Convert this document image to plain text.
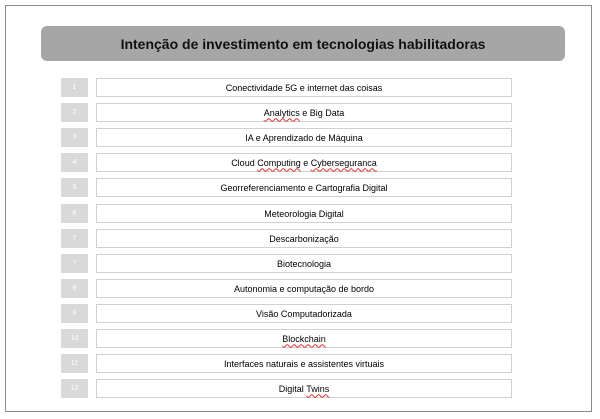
Intenção de investimento em tecnologias habilitadoras
1	Conectividade 5G e internet das coisas
2	Analytics e Big Data
3	IA e Aprendizado de Máquina
4	Cloud Computing e Cyberseguranca
5	Georreferenciamento e Cartografia Digital
6	Meteorologia Digital
7	Descarbonização
7	Biotecnologia
8	Autonomia e computação de bordo
9	Visão Computadorizada
10	Blockchain
11	Interfaces naturais e assistentes virtuais
12	Digital Twins
